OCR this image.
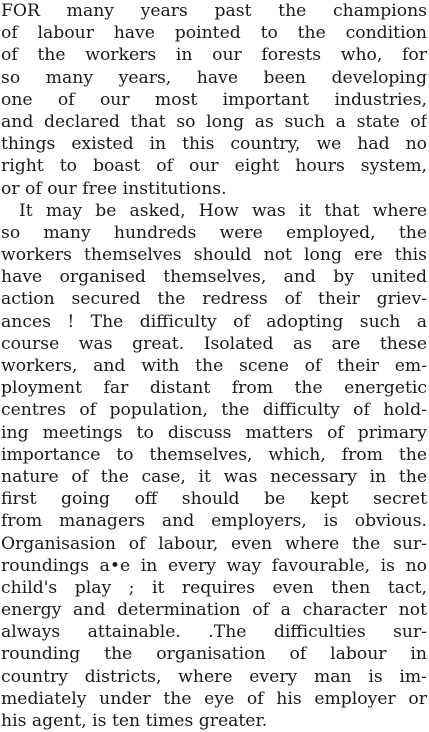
FOR many years past the champions
of labour have pointed to the condition
of the workers in our forests who, for
so many years, have been developing
one of our most important industries,
and declared that so long as such a state of
things existed in this country, we had no
right to boast of our eight hours system,
or of our free institutions.
It may be asked, How was it that where
so many hundreds were employed, the
workers themselves should not long ere this
have organised themselves, and by united
action secured the redress of their griev-
ances ! The difficulty of adopting such a
course was great. Isolated as are these
workers, and with the scene of their em-
ployment far distant from the energetic
centres of population, the difficulty of hold-
ing meetings to discuss matters of primary
importance to themselves, which, from the
nature of the case, it was necessary in the
first going off should be kept secret
from managers and employers, is obvious.
Organisasion of labour, even where the sur-
roundings a•e in every way favourable, is no
child's play ; it requires even then tact,
energy and determination of a character not
always attainable. .The difficulties sur-
rounding the organisation of labour in
country districts, where every man is im-
mediately under the eye of his employer or
his agent, is ten times greater.
